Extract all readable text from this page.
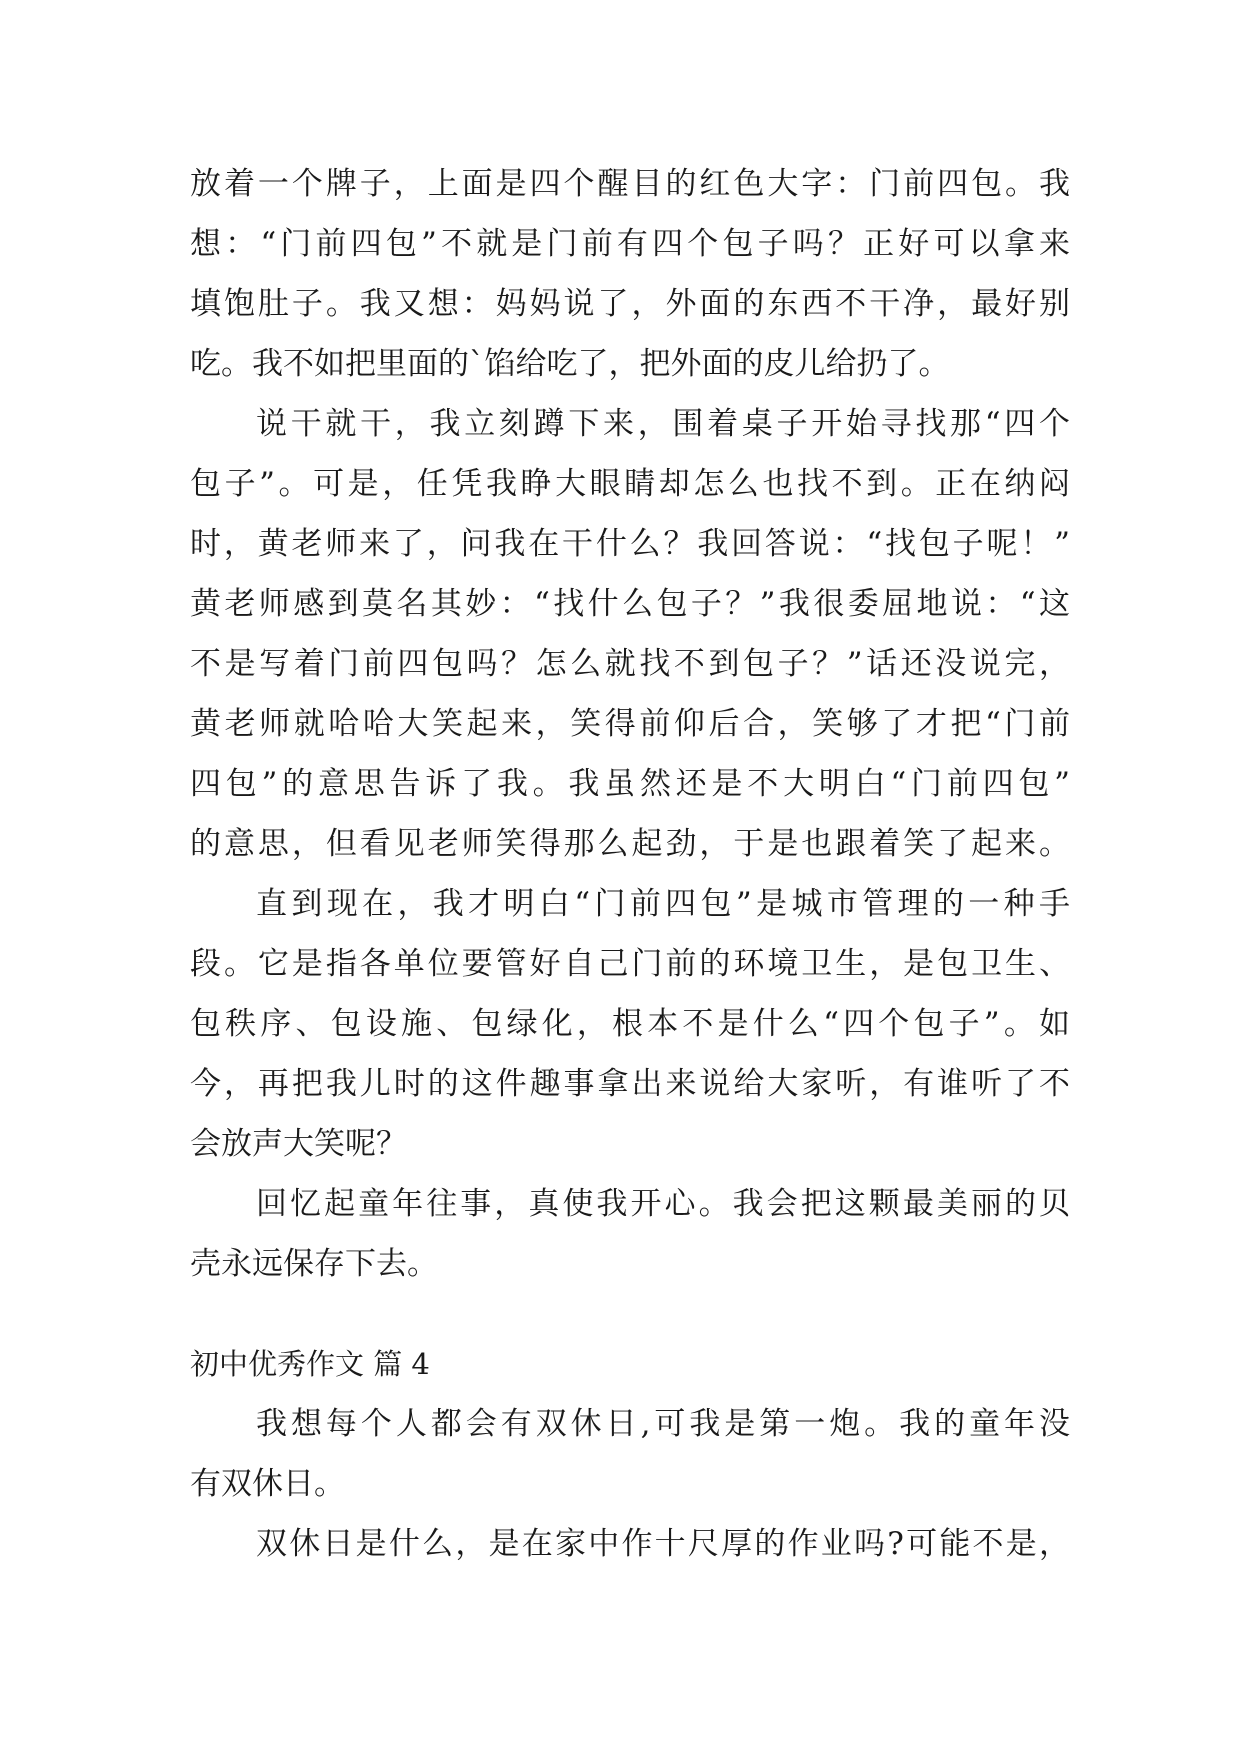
放着一个牌子，上面是四个醒目的红色大字：门前四包。我
想：“门前四包”不就是门前有四个包子吗？正好可以拿来
填饱肚子。我又想：妈妈说了，外面的东西不干净，最好别
吃。我不如把里面的`馅给吃了，把外面的皮儿给扔了。
说干就干，我立刻蹲下来，围着桌子开始寻找那“四个
包子”。可是，任凭我睁大眼睛却怎么也找不到。正在纳闷
时，黄老师来了，问我在干什么？我回答说：“找包子呢！”
黄老师感到莫名其妙：“找什么包子？”我很委屈地说：“这
不是写着门前四包吗？怎么就找不到包子？”话还没说完，
黄老师就哈哈大笑起来，笑得前仰后合，笑够了才把“门前
四包”的意思告诉了我。我虽然还是不大明白“门前四包”
的意思，但看见老师笑得那么起劲，于是也跟着笑了起来。
直到现在，我才明白“门前四包”是城市管理的一种手
段。它是指各单位要管好自己门前的环境卫生，是包卫生、
包秩序、包设施、包绿化，根本不是什么“四个包子”。如
今，再把我儿时的这件趣事拿出来说给大家听，有谁听了不
会放声大笑呢？
回忆起童年往事，真使我开心。我会把这颗最美丽的贝
壳永远保存下去。
初中优秀作文 篇 4
我想每个人都会有双休日,可我是第一炮。我的童年没
有双休日。
双休日是什么，是在家中作十尺厚的作业吗?可能不是，
